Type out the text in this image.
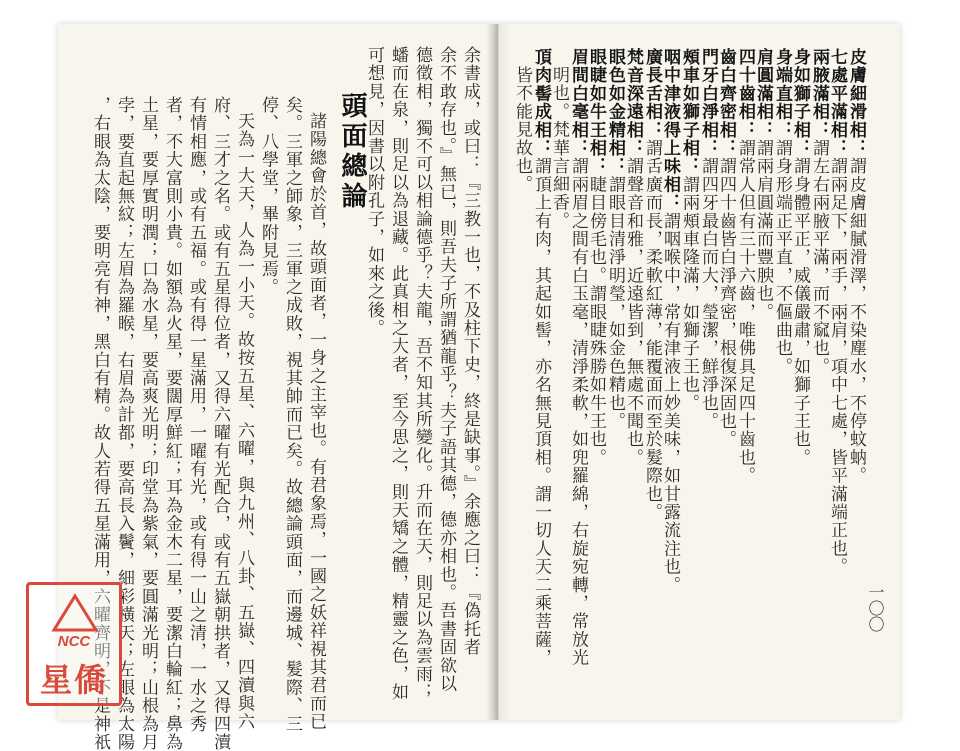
皮膚細滑相：謂皮膚細膩滑澤，不染塵水，不停蚊蚋。
七處平滿相：謂兩足下，兩手，兩肩，項中七處，皆平滿端正也。
兩腋滿相：謂左右兩腋平滿，而不窳也。
身如獅子相：謂身體平正，威儀嚴肅，如獅子王也。
身端直相：謂身形端正平直，不傴曲也。
肩圓滿相：謂兩肩圓滿而豐腴也。
四十齒相：謂常人但有三十六齒，唯佛具足四十齒也。
齒白齊密相：謂四十齒皆白淨齊密，根復深固也。
門牙白淨相：謂四牙最白而大，瑩潔，鮮淨也。
頰車如獅子相：謂兩頰車隆滿，如獅子王也。
咽中津液得上味相：謂咽喉中，常有津液上妙美味，如甘露流注也。
廣長舌相：謂舌廣而長，柔軟紅薄，能覆面而至於髮際也。
梵音深遠相：謂聲音和雅，近遠皆到，無處不聞也。
眼色如金精相：謂眼目清淨明瑩，如金色精也。
眼睫如牛王相：睫目傍毛也。謂眼睫殊勝如牛王也。
眉間白毫相：謂兩眉之間有白玉毫，清淨柔軟，如兜羅綿，右旋宛轉，常放光
明也。梵華言細香。
頂肉髻成相：謂頂上有肉，其起如髻，亦名無見頂相。謂一切人天二乘菩薩，
皆不能見故也。
一〇〇
余書成，或曰：『三教一也，不及柱下史，終是缺事。』余應之曰：『偽托者
余不敢存也。』無已，則吾夫子所謂猶龍乎？夫子語其德，德亦相也。吾書固欲以
德徵相，獨不可以相論德乎？夫龍，吾不知其所變化。升而在天，則足以為雲雨；
蟠而在泉，則足以為退藏。此真相之大者，至今思之，則天矯之體，精靈之色，如
可想見，因書以附孔子，如來之後。
頭面總論
諸陽總會於首，故頭面者，一身之主宰也。有君象焉，一國之妖祥視其君而已
矣。三軍之師象，三軍之成敗，視其帥而已矣。故總論頭面，而邊城、髮際、三
停、八學堂，畢附見焉。
天為一大天，人為一小天。故按五星、六曜，與九州、八卦、五嶽、四瀆與六
府、三才之名。或有五星得位者，又得六曜有光配合，或有五嶽朝拱者，又得四瀆
有情相應，或有五福。或有得一星滿用，一曜有光，或有得一山之清，一水之秀
者，不大富則小貴。如額為火星，要闊厚鮮紅；耳為金木二星，要潔白輪紅；鼻為
土星，要厚實明潤；口為水星，要高爽光明；印堂為紫氣，要圓滿光明；山根為月
孛，要直起無紋；左眉為羅睺，右眉為計都，要高長入鬢，細彩橫天；左眼為太陽
，右眼為太陰，要明亮有神，黑白有精。故人若得五星滿用，六曜齊明，不是神祇
NCC
星僑
